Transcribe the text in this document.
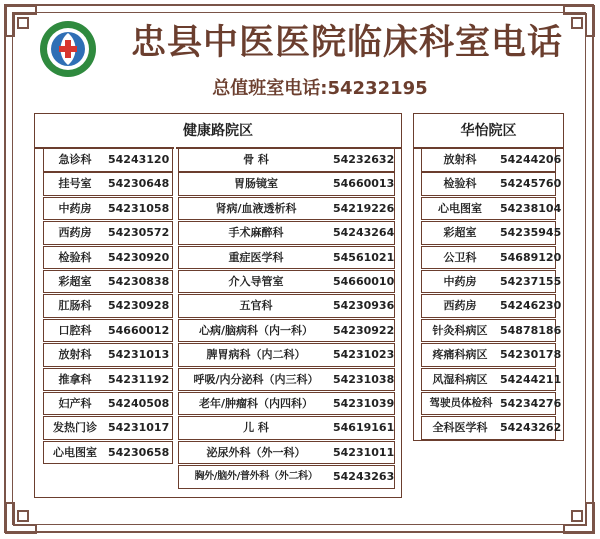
忠县中医医院临床科室电话
总值班室电话:54232195
健康路院区
急诊科	54243120
挂号室	54230648
中药房	54231058
西药房	54230572
检验科	54230920
彩超室	54230838
肛肠科	54230928
口腔科	54660012
放射科	54231013
推拿科	54231192
妇产科	54240508
发热门诊	54231017
心电图室	54230658
骨 科	54232632
胃肠镜室	54660013
肾病/血液透析科	54219226
手术麻醉科	54243264
重症医学科	54561021
介入导管室	54660010
五官科	54230936
心病/脑病科（内一科）	54230922
脾胃病科（内二科）	54231023
呼吸/内分泌科（内三科）	54231038
老年/肿瘤科（内四科）	54231039
儿 科	54619161
泌尿外科（外一科）	54231011
胸外/脑外/普外科（外二科）	54243263
华怡院区
放射科	54244206
检验科	54245760
心电图室	54238104
彩超室	54235945
公卫科	54689120
中药房	54237155
西药房	54246230
针灸科病区	54878186
疼痛科病区	54230178
风湿科病区	54244211
驾驶员体检科 54234276
全科医学科	54243262
